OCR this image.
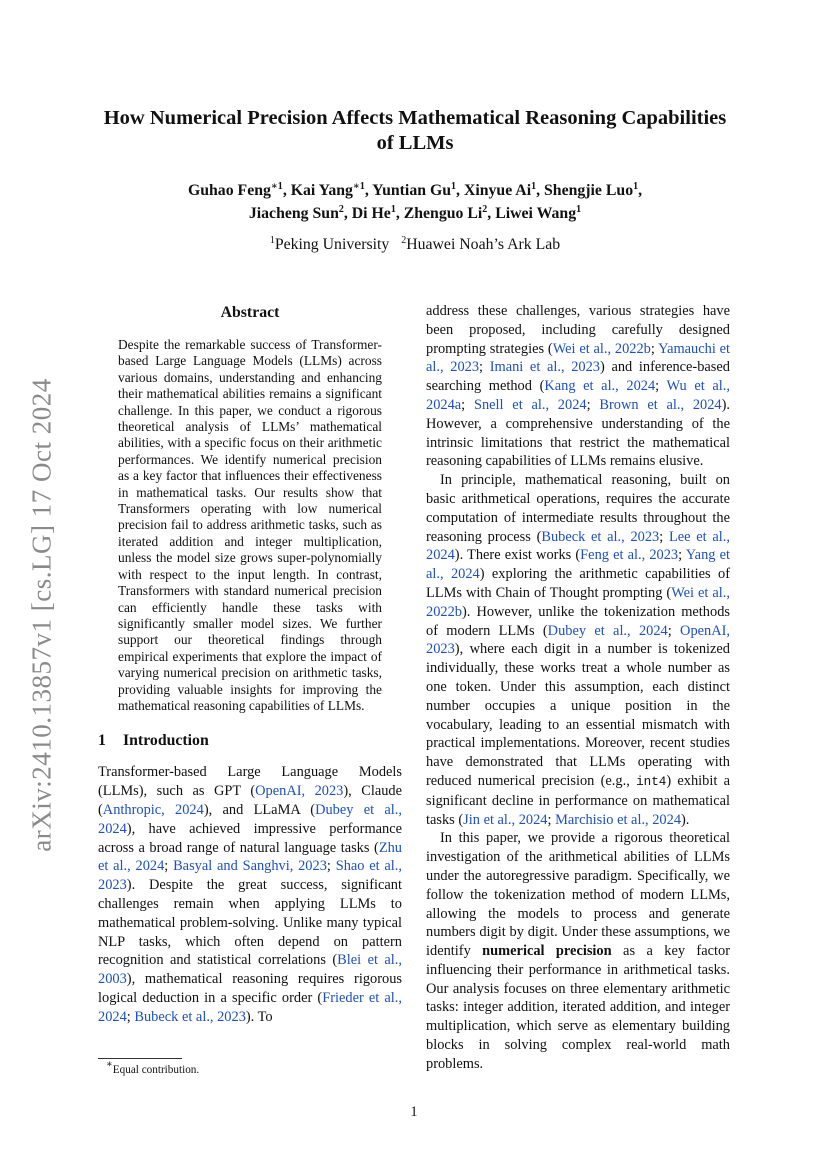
arXiv:2410.13857v1 [cs.LG] 17 Oct 2024
How Numerical Precision Affects Mathematical Reasoning Capabilities of LLMs
Guhao Feng$^{∗1}$, Kai Yang$^{∗1}$, Yuntian Gu$^1$, Xinyue Ai$^1$, Shengjie Luo$^1$,
Jiacheng Sun$^2$, Di He$^1$, Zhenguo Li$^2$, Liwei Wang$^1$
$^1$Peking University $^2$Huawei Noah’s Ark Lab
Abstract
Despite the remarkable success of Transformer-based Large Language Models (LLMs) across various domains, understanding and enhancing their mathematical abilities remains a significant challenge. In this paper, we conduct a rigorous theoretical analysis of LLMs’ mathematical abilities, with a specific focus on their arithmetic performances. We identify numerical precision as a key factor that influences their effectiveness in mathematical tasks. Our results show that Transformers operating with low numerical precision fail to address arithmetic tasks, such as iterated addition and integer multiplication, unless the model size grows super-polynomially with respect to the input length. In contrast, Transformers with standard numerical precision can efficiently handle these tasks with significantly smaller model sizes. We further support our theoretical findings through empirical experiments that explore the impact of varying numerical precision on arithmetic tasks, providing valuable insights for improving the mathematical reasoning capabilities of LLMs.
1 Introduction

Transformer-based Large Language Models (LLMs), such as GPT (OpenAI, 2023), Claude (Anthropic, 2024), and LLaMA (Dubey et al., 2024), have achieved impressive performance across a broad range of natural language tasks (Zhu et al., 2024; Basyal and Sanghvi, 2023; Shao et al., 2023). Despite the great success, significant challenges remain when applying LLMs to mathematical problem-solving. Unlike many typical NLP tasks, which often depend on pattern recognition and statistical correlations (Blei et al., 2003), mathematical reasoning requires rigorous logical deduction in a specific order (Frieder et al., 2024; Bubeck et al., 2023). To

address these challenges, various strategies have been proposed, including carefully designed prompting strategies (Wei et al., 2022b; Yamauchi et al., 2023; Imani et al., 2023) and inference-based searching method (Kang et al., 2024; Wu et al., 2024a; Snell et al., 2024; Brown et al., 2024). However, a comprehensive understanding of the intrinsic limitations that restrict the mathematical reasoning capabilities of LLMs remains elusive.

In principle, mathematical reasoning, built on basic arithmetical operations, requires the accurate computation of intermediate results throughout the reasoning process (Bubeck et al., 2023; Lee et al., 2024). There exist works (Feng et al., 2023; Yang et al., 2024) exploring the arithmetic capabilities of LLMs with Chain of Thought prompting (Wei et al., 2022b). However, unlike the tokenization methods of modern LLMs (Dubey et al., 2024; OpenAI, 2023), where each digit in a number is tokenized individually, these works treat a whole number as one token. Under this assumption, each distinct number occupies a unique position in the vocabulary, leading to an essential mismatch with practical implementations. Moreover, recent studies have demonstrated that LLMs operating with reduced numerical precision (e.g., int4) exhibit a significant decline in performance on mathematical tasks (Jin et al., 2024; Marchisio et al., 2024).

In this paper, we provide a rigorous theoretical investigation of the arithmetical abilities of LLMs under the autoregressive paradigm. Specifically, we follow the tokenization method of modern LLMs, allowing the models to process and generate numbers digit by digit. Under these assumptions, we identify numerical precision as a key factor influencing their performance in arithmetical tasks. Our analysis focuses on three elementary arithmetic tasks: integer addition, iterated addition, and integer multiplication, which serve as elementary building blocks in solving complex real-world math problems.

∗Equal contribution.
1
